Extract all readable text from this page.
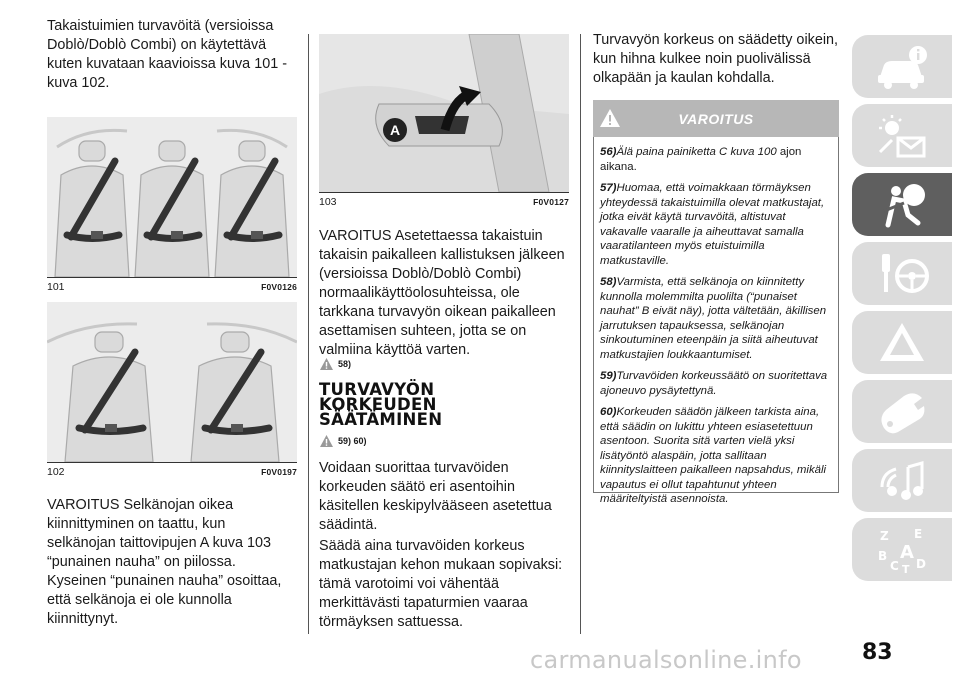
Takaistuimien turvavöitä (versioissa Doblò/Doblò Combi) on käytettävä kuten kuvataan kaavioissa kuva 101 - kuva 102.

101	F0V0126
102	F0V0197

VAROITUS Selkänojan oikea kiinnittyminen on taattu, kun selkänojan taittovipujen A kuva 103 “punainen nauha” on piilossa. Kyseinen “punainen nauha” osoittaa, että selkänoja ei ole kunnolla kiinnittynyt.

A
103	F0V0127

VAROITUS Asetettaessa takaistuin takaisin paikalleen kallistuksen jälkeen (versioissa Doblò/Doblò Combi) normaalikäyttöolosuhteissa, ole tarkkana turvavyön oikean paikalleen asettamisen suhteen, jotta se on valmiina käyttöä varten.

58)
TURVAVYÖN
KORKEUDEN
SÄÄTÄMINEN
59) 60)

Voidaan suorittaa turvavöiden korkeuden säätö eri asentoihin käsitellen keskipylvääseen asetettua säädintä.

Säädä aina turvavöiden korkeus matkustajan kehon mukaan sopivaksi: tämä varotoimi voi vähentää merkittävästi tapaturmien vaaraa törmäyksen sattuessa.

Turvavyön korkeus on säädetty oikein, kun hihna kulkee noin puolivälissä olkapään ja kaulan kohdalla.

VAROITUS

56)Älä paina painiketta C kuva 100 ajon aikana.

57)Huomaa, että voimakkaan törmäyksen yhteydessä takaistuimilla olevat matkustajat, jotka eivät käytä turvavöitä, altistuvat vakavalle vaaralle ja aiheuttavat samalla vaaratilanteen myös etuistuimilla matkustaville.

58)Varmista, että selkänoja on kiinnitetty kunnolla molemmilta puolilta (“punaiset nauhat” B eivät näy), jotta vältetään, äkillisen jarrutuksen tapauksessa, selkänojan sinkoutuminen eteenpäin ja siitä aiheutuvat matkustajien loukkaantumiset.

59)Turvavöiden korkeussäätö on suoritettava ajoneuvo pysäytettynä.

60)Korkeuden säädön jälkeen tarkista aina, että säädin on lukittu yhteen esiasetettuun asentoon. Suorita sitä varten vielä yksi lisätyöntö alaspäin, jotta sallitaan kiinnityslaitteen paikalleen napsahdus, mikäli vapautus ei ollut tapahtunut yhteen määriteltyistä asennoista.

Z E
B A
C T D
carmanualsonline.info	83
